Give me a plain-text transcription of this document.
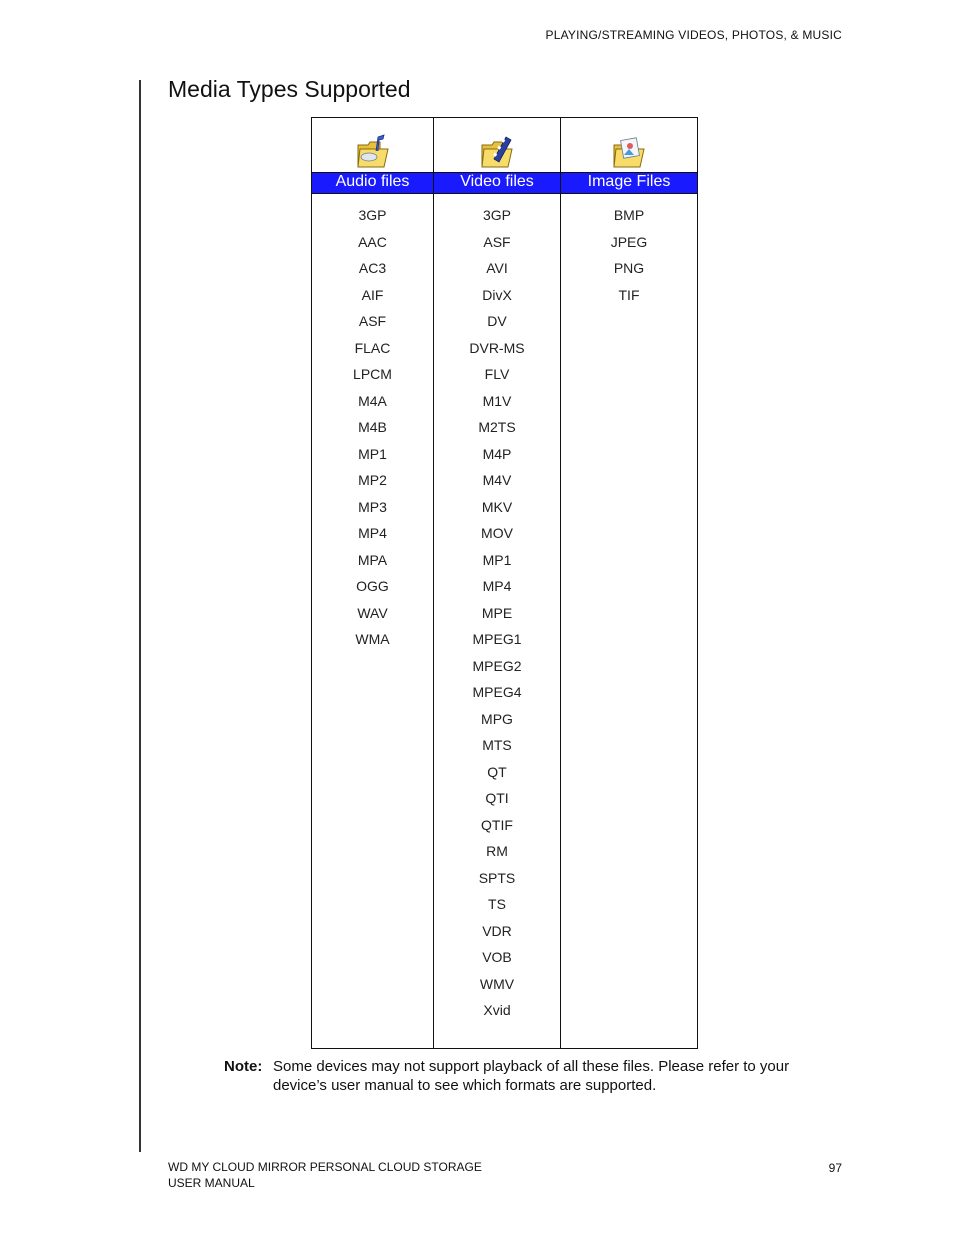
PLAYING/STREAMING VIDEOS, PHOTOS, & MUSIC
Media Types Supported
Audio files
3GP
AAC
AC3
AIF
ASF
FLAC
LPCM
M4A
M4B
MP1
MP2
MP3
MP4
MPA
OGG
WAV
WMA
Video files
3GP
ASF
AVI
DivX
DV
DVR-MS
FLV
M1V
M2TS
M4P
M4V
MKV
MOV
MP1
MP4
MPE
MPEG1
MPEG2
MPEG4
MPG
MTS
QT
QTI
QTIF
RM
SPTS
TS
VDR
VOB
WMV
Xvid
Image Files
BMP
JPEG
PNG
TIF
Note: Some devices may not support playback of all these files. Please refer to your device’s user manual to see which formats are supported.
WD MY CLOUD MIRROR PERSONAL CLOUD STORAGE
USER MANUAL
97
